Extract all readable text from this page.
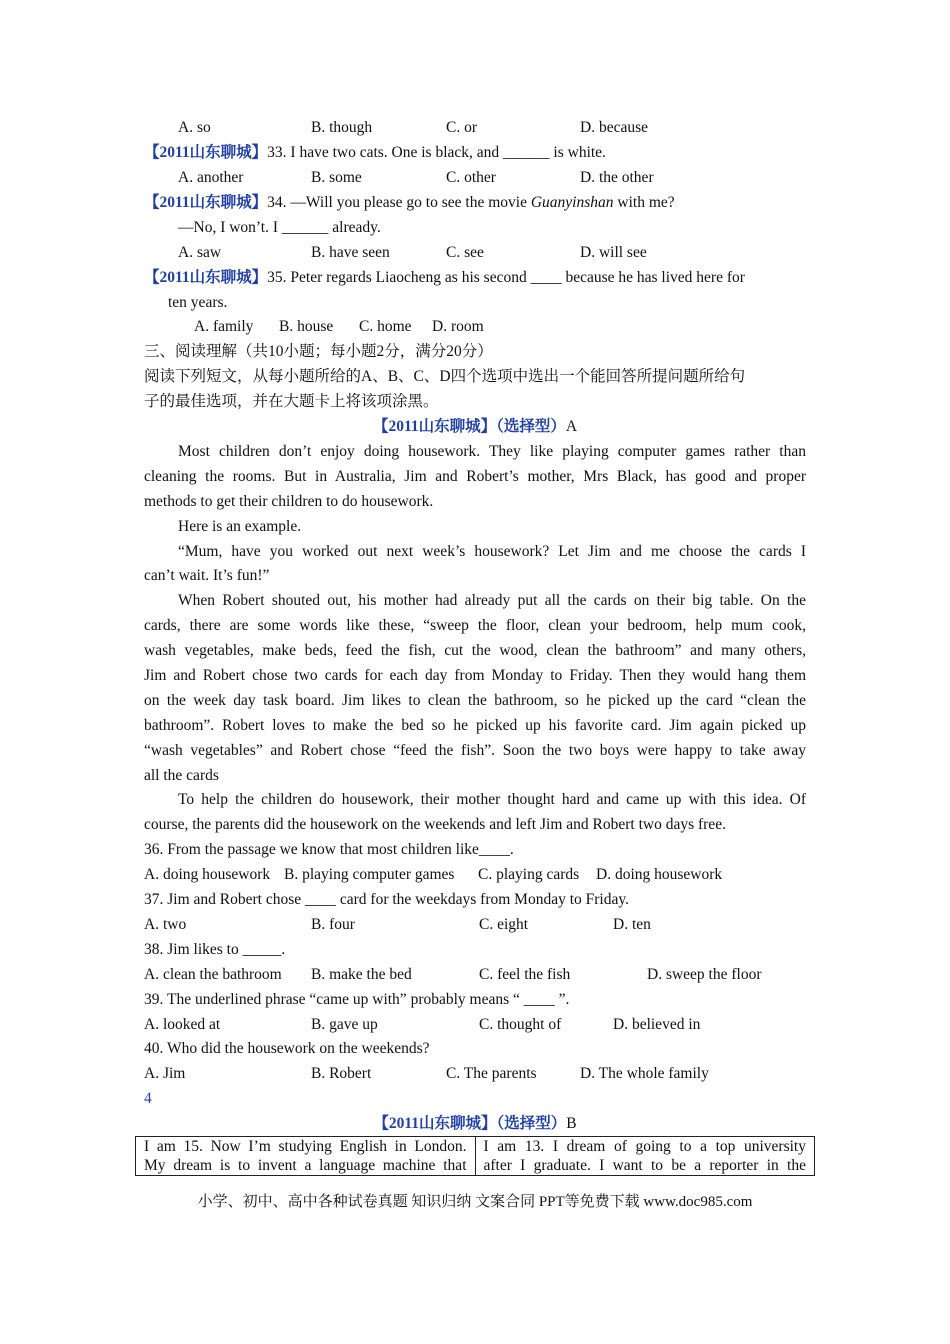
A. so	B. though	C. or	D. because
【2011山东聊城】33. I have two cats. One is black, and ______ is white.
A. another	B. some	C. other	D. the other
【2011山东聊城】34. —Will you please go to see the movie Guanyinshan with me?
—No, I won’t. I ______ already.
A. saw	B. have seen	C. see	D. will see
【2011山东聊城】35. Peter regards Liaocheng as his second ____ because he has lived here for
ten years.
A. family B. house C. home D. room
三、阅读理解（共10小题；每小题2分，满分20分）
阅读下列短文，从每小题所给的A、B、C、D四个选项中选出一个能回答所提问题所给句
子的最佳选项，并在大题卡上将该项涂黑。
【2011山东聊城】（选择型）A
Most children don’t enjoy doing housework. They like playing computer games rather than
cleaning the rooms. But in Australia, Jim and Robert’s mother, Mrs Black, has good and proper
methods to get their children to do housework.
Here is an example.
“Mum, have you worked out next week’s housework? Let Jim and me choose the cards I
can’t wait. It’s fun!”
When Robert shouted out, his mother had already put all the cards on their big table. On the
cards, there are some words like these, “sweep the floor, clean your bedroom, help mum cook,
wash vegetables, make beds, feed the fish, cut the wood, clean the bathroom” and many others,
Jim and Robert chose two cards for each day from Monday to Friday. Then they would hang them
on the week day task board. Jim likes to clean the bathroom, so he picked up the card “clean the
bathroom”. Robert loves to make the bed so he picked up his favorite card. Jim again picked up
“wash vegetables” and Robert chose “feed the fish”. Soon the two boys were happy to take away
all the cards
To help the children do housework, their mother thought hard and came up with this idea. Of
course, the parents did the housework on the weekends and left Jim and Robert two days free.
36. From the passage we know that most children like____.
A. doing housework B. playing computer games C. playing cards D. doing housework
37. Jim and Robert chose ____ card for the weekdays from Monday to Friday.
A. two	B. four	C. eight	D. ten
38. Jim likes to _____.
A. clean the bathroom B. make the bed	C. feel the fish	D. sweep the floor
39. The underlined phrase “came up with” probably means “ ____ ”.
A. looked at	B. gave up	C. thought of	D. believed in
40. Who did the housework on the weekends?
A. Jim	B. Robert	C. The parents	D. The whole family
4
【2011山东聊城】（选择型）B
I am 15. Now I’m studying English in London.
My dream is to invent a language machine that

I am 13. I dream of going to a top university
after I graduate. I want to be a reporter in the
小学、初中、高中各种试卷真题 知识归纳 文案合同 PPT等免费下载 www.doc985.com
